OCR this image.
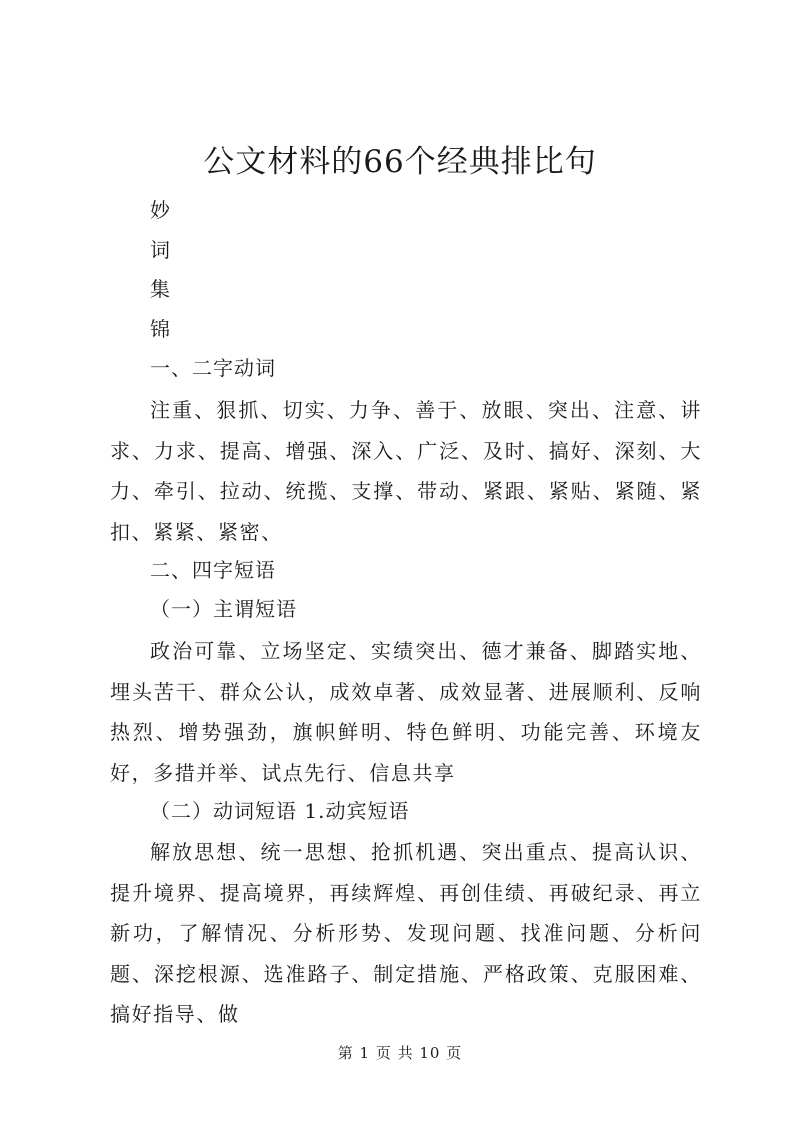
公文材料的66个经典排比句
妙
词
集
锦
一、二字动词
注重、狠抓、切实、力争、善于、放眼、突出、注意、讲求、力求、提高、增强、深入、广泛、及时、搞好、深刻、大力、牵引、拉动、统揽、支撑、带动、紧跟、紧贴、紧随、紧扣、紧紧、紧密、
二、四字短语
（一）主谓短语
政治可靠、立场坚定、实绩突出、德才兼备、脚踏实地、埋头苦干、群众公认，成效卓著、成效显著、进展顺利、反响热烈、增势强劲，旗帜鲜明、特色鲜明、功能完善、环境友好，多措并举、试点先行、信息共享
（二）动词短语 1.动宾短语
解放思想、统一思想、抢抓机遇、突出重点、提高认识、提升境界、提高境界，再续辉煌、再创佳绩、再破纪录、再立新功，了解情况、分析形势、发现问题、找准问题、分析问题、深挖根源、选准路子、制定措施、严格政策、克服困难、搞好指导、做
第 1 页 共 10 页
